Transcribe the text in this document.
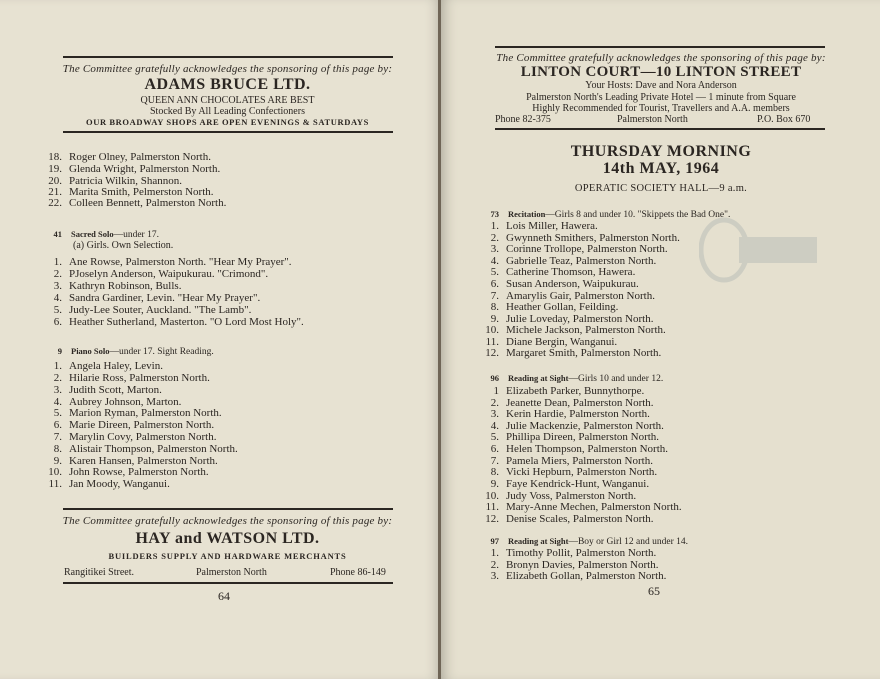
The Committee gratefully acknowledges the sponsoring of this page by:
ADAMS BRUCE LTD.
QUEEN ANN CHOCOLATES ARE BEST
Stocked By All Leading Confectioners
OUR BROADWAY SHOPS ARE OPEN EVENINGS & SATURDAYS
18. Roger Olney, Palmerston North.
19. Glenda Wright, Palmerston North.
20. Patricia Wilkin, Shannon.
21. Marita Smith, Pelmerston North.
22. Colleen Bennett, Palmerston North.
41 Sacred Solo—under 17.
(a) Girls. Own Selection.
1. Ane Rowse, Palmerston North. "Hear My Prayer".
2. PJoselyn Anderson, Waipukurau. "Crimond".
3. Kathryn Robinson, Bulls.
4. Sandra Gardiner, Levin. "Hear My Prayer".
5. Judy-Lee Souter, Auckland. "The Lamb".
6. Heather Sutherland, Masterton. "O Lord Most Holy".
9 Piano Solo—under 17. Sight Reading.
1. Angela Haley, Levin.
2. Hilarie Ross, Palmerston North.
3. Judith Scott, Marton.
4. Aubrey Johnson, Marton.
5. Marion Ryman, Palmerston North.
6. Marie Direen, Palmerston North.
7. Marylin Covy, Palmerston North.
8. Alistair Thompson, Palmerston North.
9. Karen Hansen, Palmerston North.
10. John Rowse, Palmerston North.
11. Jan Moody, Wanganui.
The Committee gratefully acknowledges the sponsoring of this page by:
HAY and WATSON LTD.
BUILDERS SUPPLY AND HARDWARE MERCHANTS
Rangitikei Street.	Palmerston North	Phone 86-149
64
The Committee gratefully acknowledges the sponsoring of this page by:
LINTON COURT—10 LINTON STREET
Your Hosts: Dave and Nora Anderson
Palmerston North's Leading Private Hotel — 1 minute from Square
Highly Recommended for Tourist, Travellers and A.A. members
Phone 82-375	Palmerston North	P.O. Box 670
THURSDAY MORNING
14th MAY, 1964
OPERATIC SOCIETY HALL—9 a.m.
73 Recitation—Girls 8 and under 10. "Skippets the Bad One".
1. Lois Miller, Hawera.
2. Gwynneth Smithers, Palmerston North.
3. Corinne Trollope, Palmerston North.
4. Gabrielle Teaz, Palmerston North.
5. Catherine Thomson, Hawera.
6. Susan Anderson, Waipukurau.
7. Amarylis Gair, Palmerston North.
8. Heather Gollan, Feilding.
9. Julie Loveday, Palmerston North.
10. Michele Jackson, Palmerston North.
11. Diane Bergin, Wanganui.
12. Margaret Smith, Palmerston North.
96 Reading at Sight—Girls 10 and under 12.
1 Elizabeth Parker, Bunnythorpe.
2. Jeanette Dean, Palmerston North.
3. Kerin Hardie, Palmerston North.
4. Julie Mackenzie, Palmerston North.
5. Phillipa Direen, Palmerston North.
6. Helen Thompson, Palmerston North.
7. Pamela Miers, Palmerston North.
8. Vicki Hepburn, Palmerston North.
9. Faye Kendrick-Hunt, Wanganui.
10. Judy Voss, Palmerston North.
11. Mary-Anne Mechen, Palmerston North.
12. Denise Scales, Palmerston North.
97 Reading at Sight—Boy or Girl 12 and under 14.
1. Timothy Pollit, Palmerston North.
2. Bronyn Davies, Palmerston North.
3. Elizabeth Gollan, Palmerston North.
65
